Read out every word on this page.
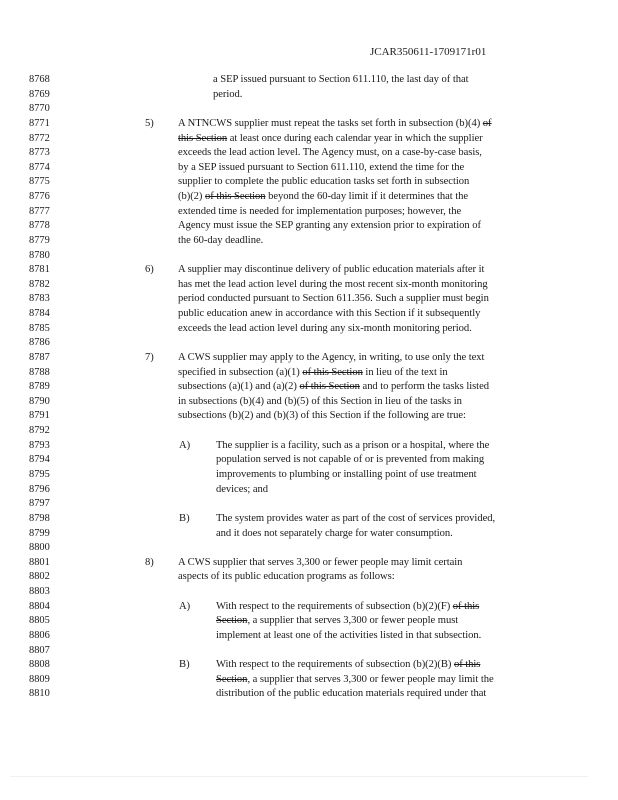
JCAR350611-1709171r01
8768	a SEP issued pursuant to Section 611.110, the last day of that
8769	period.
8770
8771	5) A NTNCWS supplier must repeat the tasks set forth in subsection (b)(4) of
8772	this Section at least once during each calendar year in which the supplier
8773	exceeds the lead action level. The Agency must, on a case-by-case basis,
8774	by a SEP issued pursuant to Section 611.110, extend the time for the
8775	supplier to complete the public education tasks set forth in subsection
8776	(b)(2) of this Section beyond the 60-day limit if it determines that the
8777	extended time is needed for implementation purposes; however, the
8778	Agency must issue the SEP granting any extension prior to expiration of
8779	the 60-day deadline.
8780
8781	6) A supplier may discontinue delivery of public education materials after it
8782	has met the lead action level during the most recent six-month monitoring
8783	period conducted pursuant to Section 611.356. Such a supplier must begin
8784	public education anew in accordance with this Section if it subsequently
8785	exceeds the lead action level during any six-month monitoring period.
8786
8787	7) A CWS supplier may apply to the Agency, in writing, to use only the text
8788	specified in subsection (a)(1) of this Section in lieu of the text in
8789	subsections (a)(1) and (a)(2) of this Section and to perform the tasks listed
8790	in subsections (b)(4) and (b)(5) of this Section in lieu of the tasks in
8791	subsections (b)(2) and (b)(3) of this Section if the following are true:
8792
8793	A) The supplier is a facility, such as a prison or a hospital, where the
8794	population served is not capable of or is prevented from making
8795	improvements to plumbing or installing point of use treatment
8796	devices; and
8797
8798	B) The system provides water as part of the cost of services provided,
8799	and it does not separately charge for water consumption.
8800
8801	8) A CWS supplier that serves 3,300 or fewer people may limit certain
8802	aspects of its public education programs as follows:
8803
8804	A) With respect to the requirements of subsection (b)(2)(F) of this
8805	Section, a supplier that serves 3,300 or fewer people must
8806	implement at least one of the activities listed in that subsection.
8807
8808	B) With respect to the requirements of subsection (b)(2)(B) of this
8809	Section, a supplier that serves 3,300 or fewer people may limit the
8810	distribution of the public education materials required under that
